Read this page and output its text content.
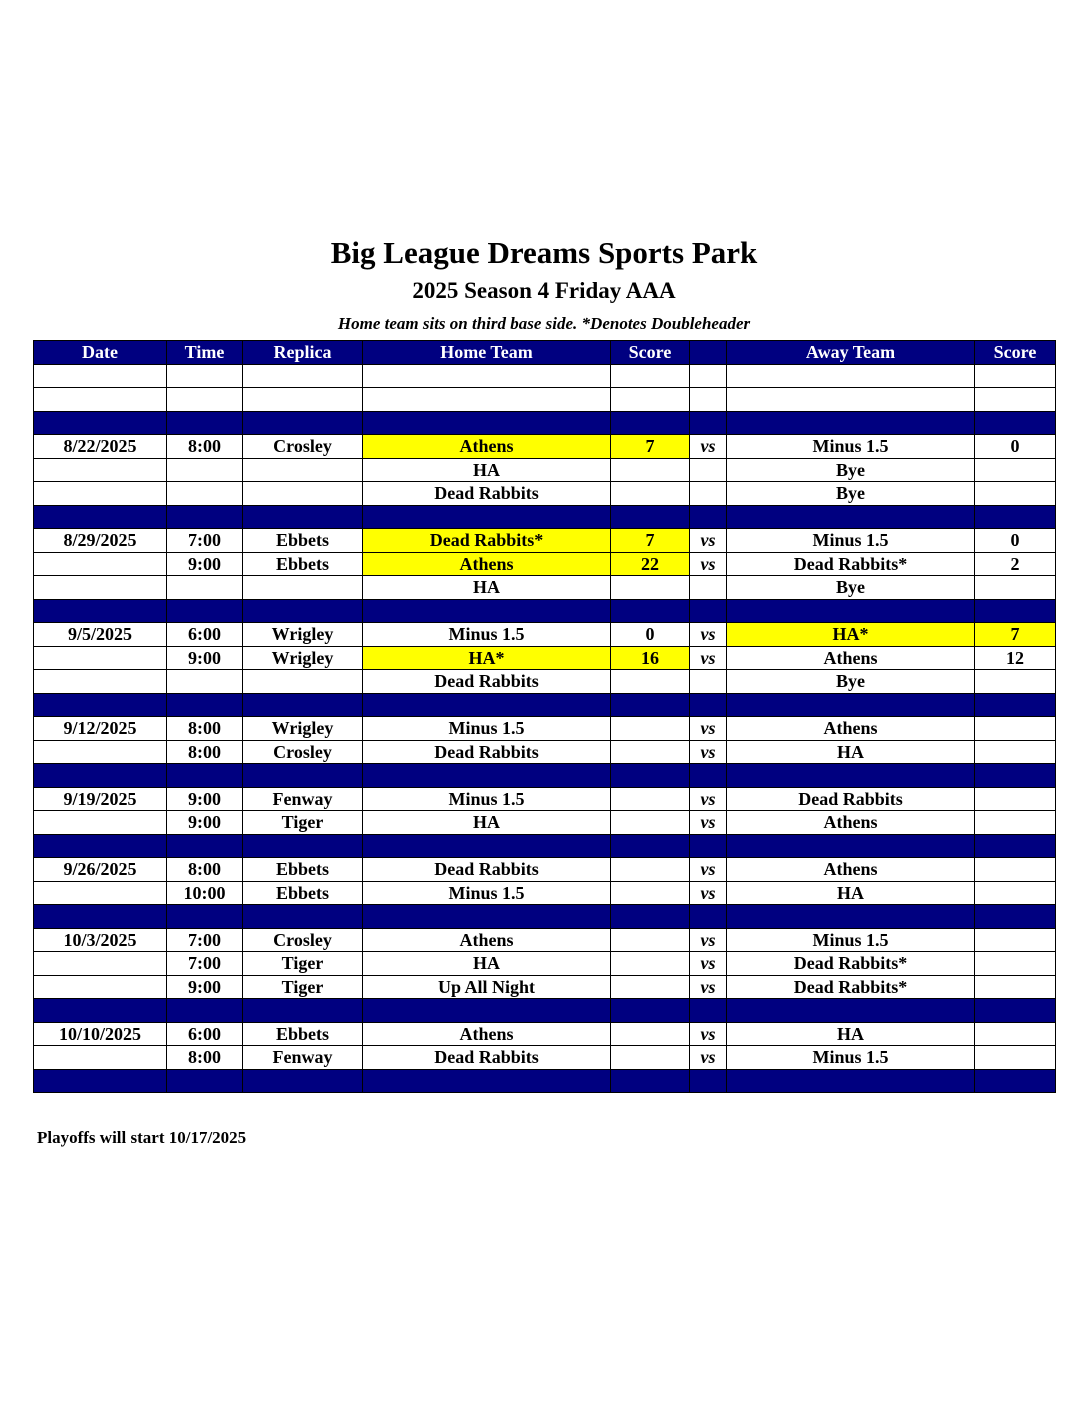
Big League Dreams Sports Park
2025 Season 4 Friday AAA
Home team sits on third base side. *Denotes Doubleheader
Date	Time	Replica	Home Team	Score		Away Team	Score

8/22/2025	8:00	Crosley	Athens	7	vs	Minus 1.5	0
			HA			Bye	
			Dead Rabbits			Bye	

8/29/2025	7:00	Ebbets	Dead Rabbits*	7	vs	Minus 1.5	0
	9:00	Ebbets	Athens	22	vs	Dead Rabbits*	2
			HA			Bye	

9/5/2025	6:00	Wrigley	Minus 1.5	0	vs	HA*	7
	9:00	Wrigley	HA*	16	vs	Athens	12
			Dead Rabbits			Bye	

9/12/2025	8:00	Wrigley	Minus 1.5		vs	Athens	
	8:00	Crosley	Dead Rabbits		vs	HA	

9/19/2025	9:00	Fenway	Minus 1.5		vs	Dead Rabbits	
	9:00	Tiger	HA		vs	Athens	

9/26/2025	8:00	Ebbets	Dead Rabbits		vs	Athens	
	10:00	Ebbets	Minus 1.5		vs	HA	

10/3/2025	7:00	Crosley	Athens		vs	Minus 1.5	
	7:00	Tiger	HA		vs	Dead Rabbits*	
	9:00	Tiger	Up All Night		vs	Dead Rabbits*	

10/10/2025	6:00	Ebbets	Athens		vs	HA	
	8:00	Fenway	Dead Rabbits		vs	Minus 1.5	

Playoffs will start 10/17/2025
